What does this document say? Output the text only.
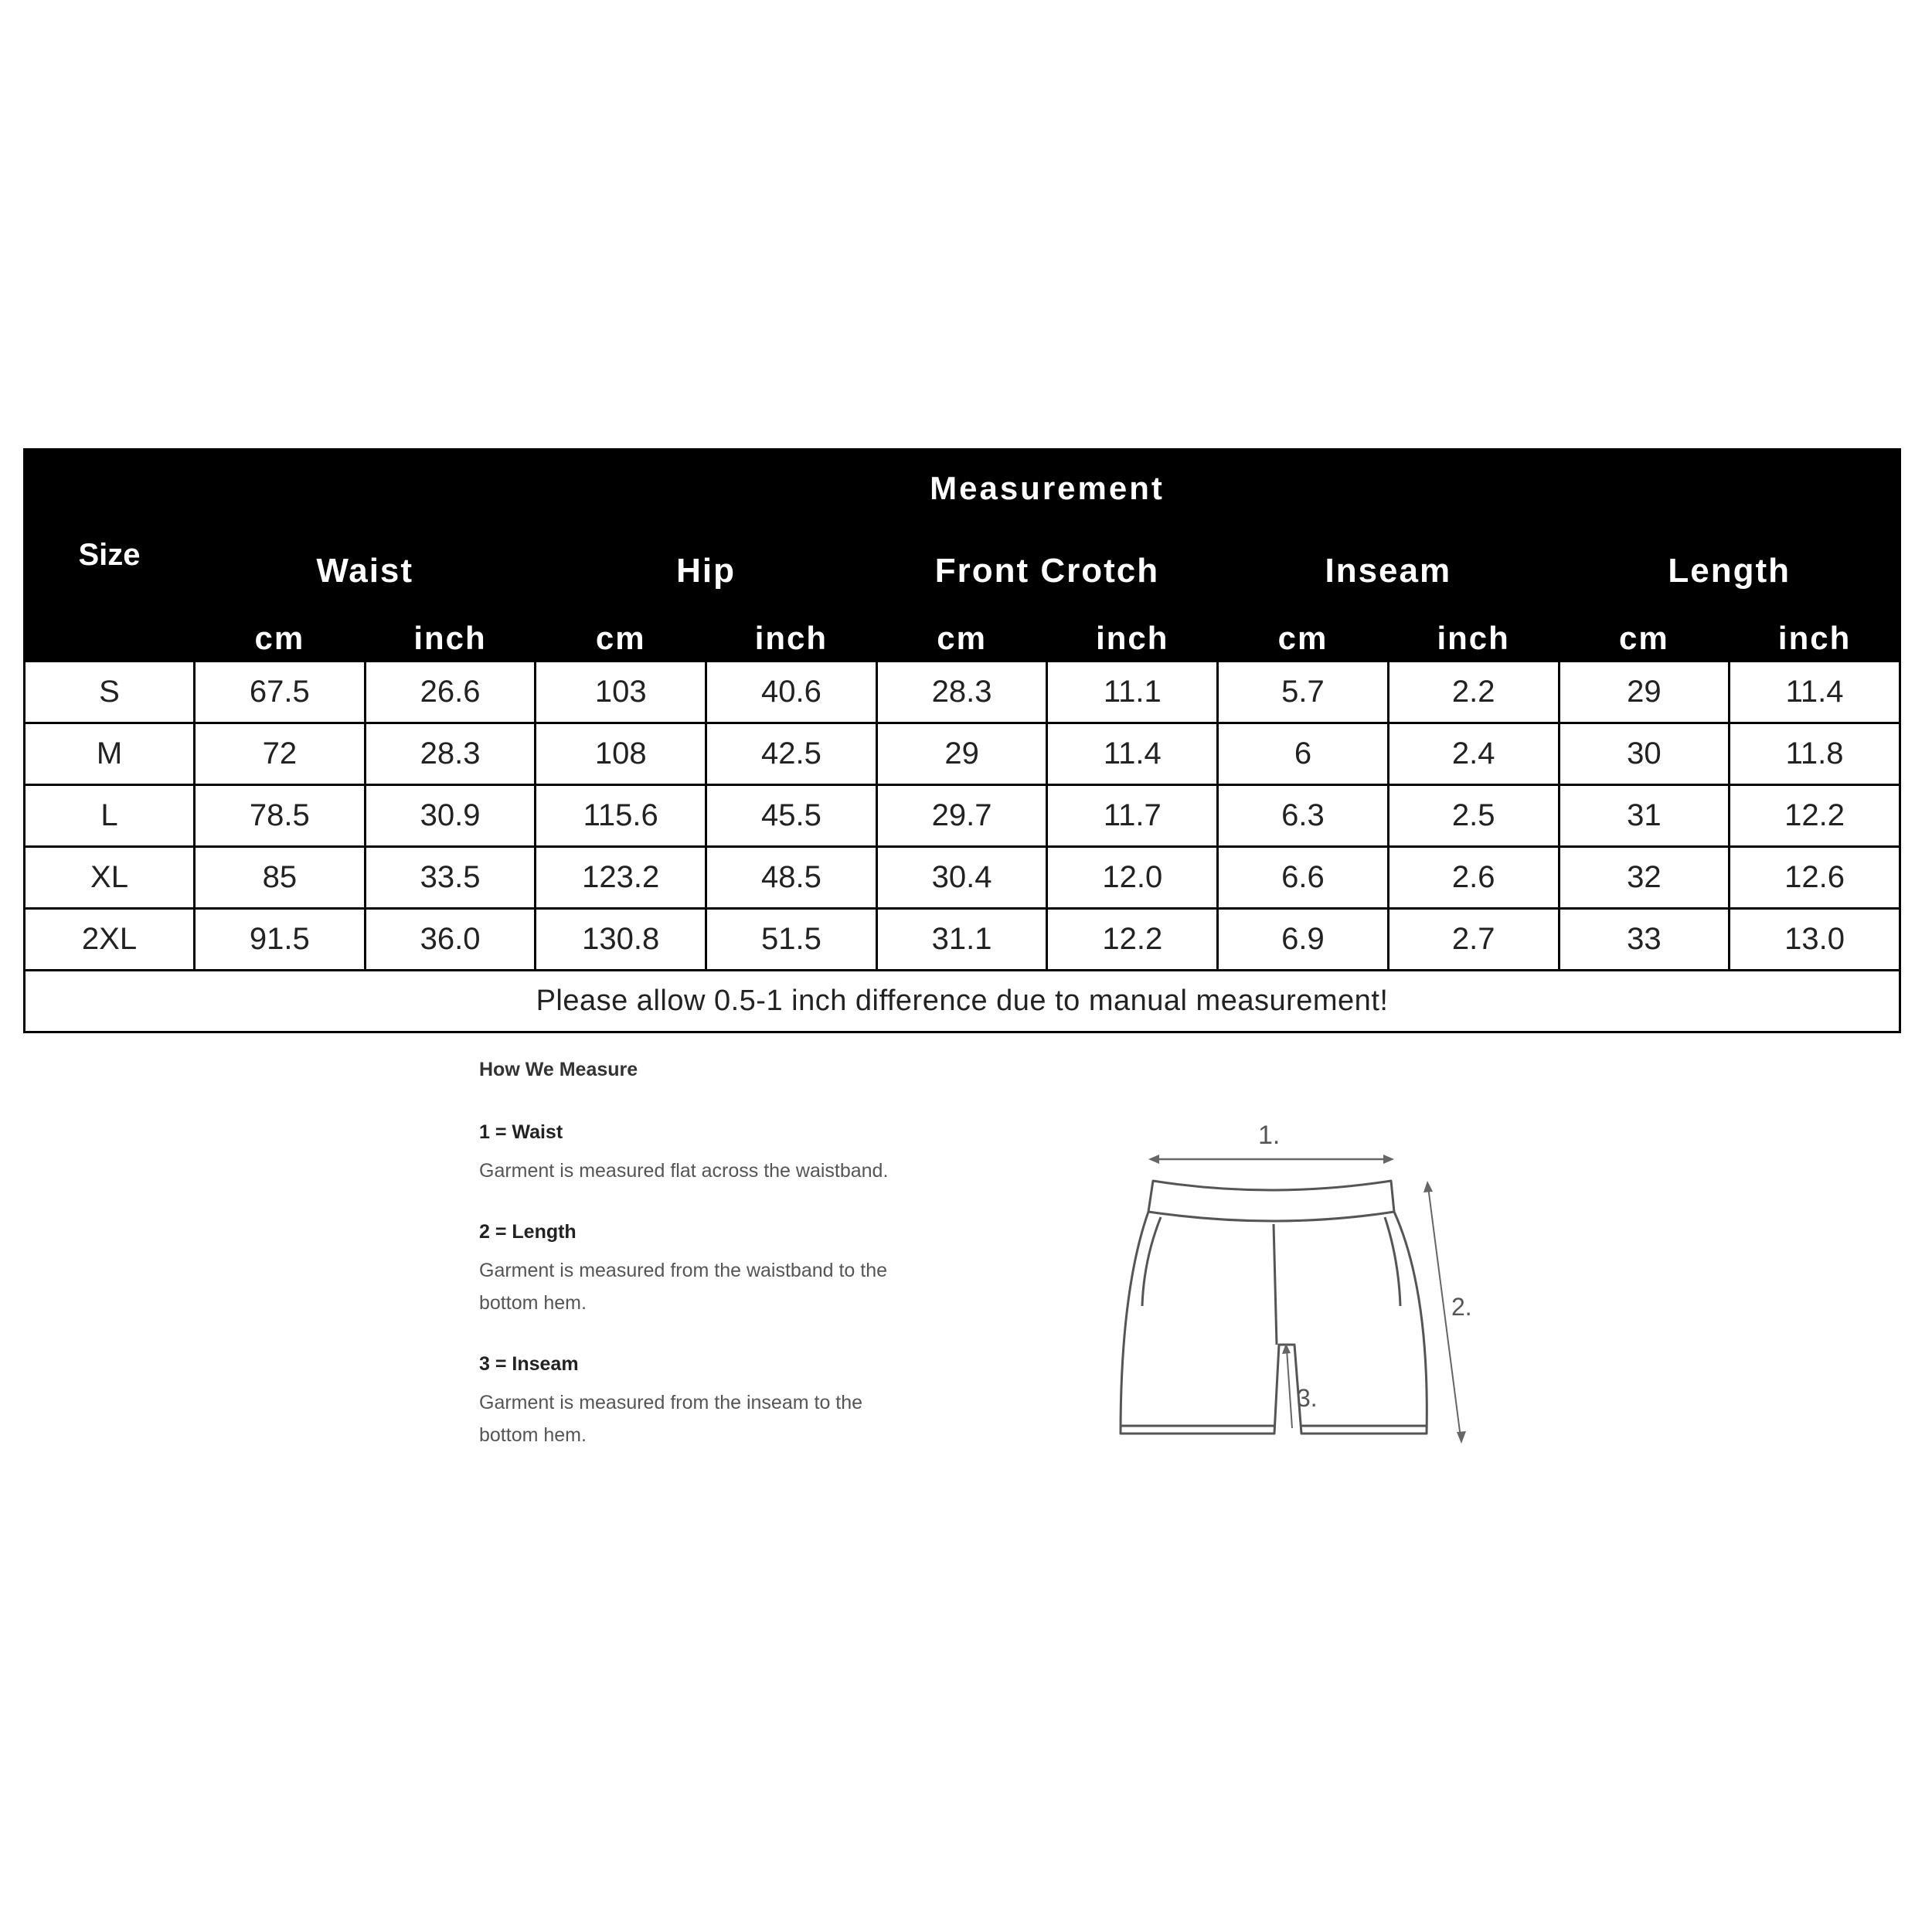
Size	Measurement									
	Waist		Hip		Front Crotch		Inseam		Length	
	cm	inch	cm	inch	cm	inch	cm	inch	cm	inch
S	67.5	26.6	103	40.6	28.3	11.1	5.7	2.2	29	11.4
M	72	28.3	108	42.5	29	11.4	6	2.4	30	11.8
L	78.5	30.9	115.6	45.5	29.7	11.7	6.3	2.5	31	12.2
XL	85	33.5	123.2	48.5	30.4	12.0	6.6	2.6	32	12.6
2XL	91.5	36.0	130.8	51.5	31.1	12.2	6.9	2.7	33	13.0
Please allow 0.5-1 inch difference due to manual measurement!										
How We Measure
1 = Waist
Garment is measured flat across the waistband.
2 = Length
Garment is measured from the waistband to the
bottom hem.
3 = Inseam
Garment is measured from the inseam to the
bottom hem.
1.
3.
2.
